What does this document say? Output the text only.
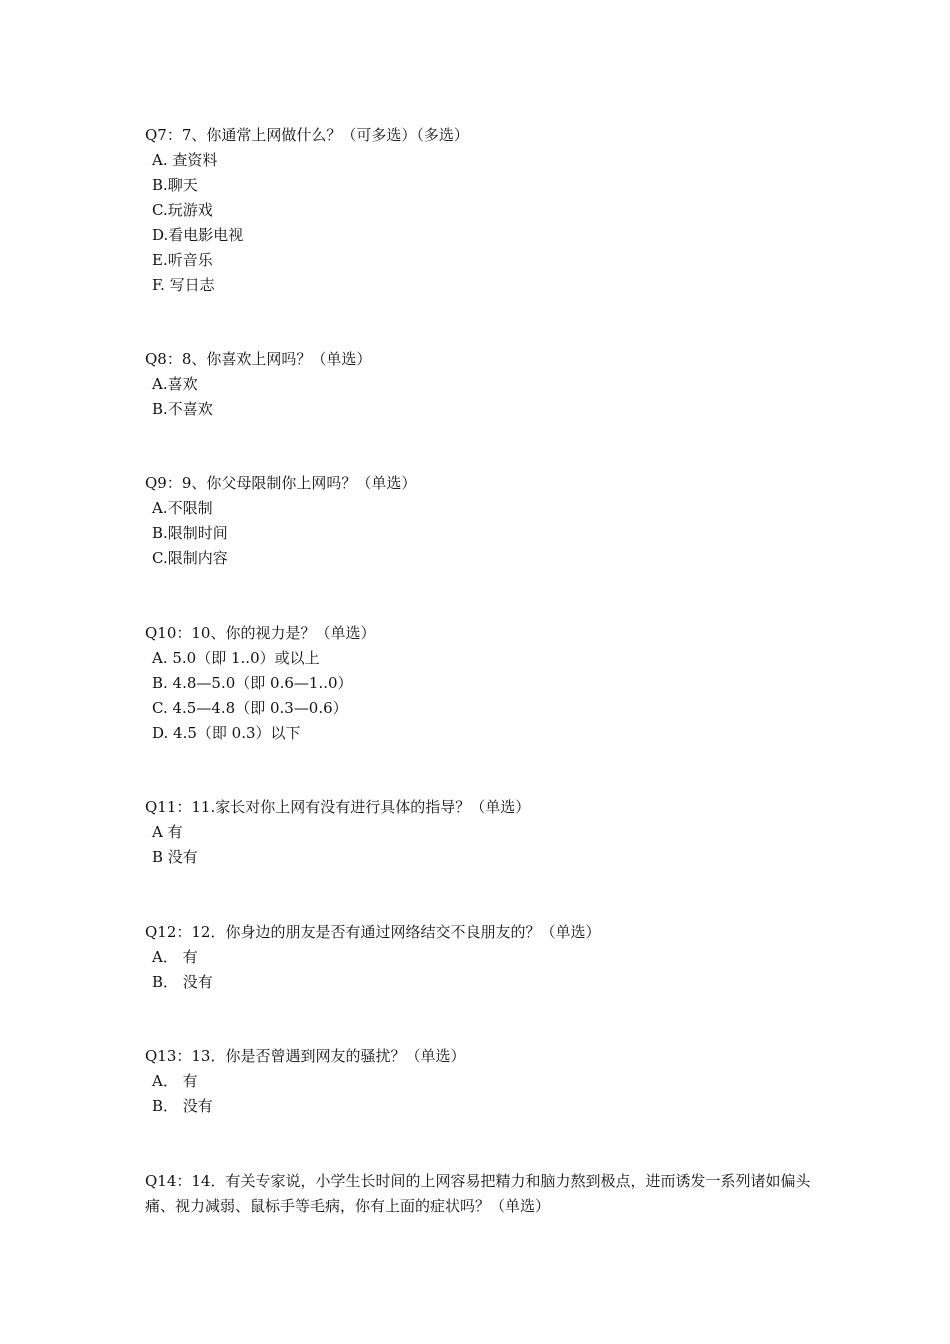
Q7：7、你通常上网做什么？（可多选）（多选）

A. 查资料
B.聊天
C.玩游戏
D.看电影电视
E.听音乐
F. 写日志

Q8：8、你喜欢上网吗？（单选）

A.喜欢
B.不喜欢

Q9：9、你父母限制你上网吗？（单选）

A.不限制
B.限制时间
C.限制内容

Q10：10、你的视力是？（单选）

A. 5.0（即 1..0）或以上
B. 4.8—5.0（即 0.6—1..0）
C. 4.5—4.8（即 0.3—0.6）
D. 4.5（即 0.3）以下

Q11：11.家长对你上网有没有进行具体的指导？（单选）

A 有
B 没有

Q12：12．你身边的朋友是否有通过网络结交不良朋友的？（单选）

A． 有
B． 没有

Q13：13．你是否曾遇到网友的骚扰？（单选）

A． 有
B． 没有

Q14：14．有关专家说，小学生长时间的上网容易把精力和脑力熬到极点，进而诱发一系列诸如偏头痛、视力减弱、鼠标手等毛病，你有上面的症状吗？（单选）
